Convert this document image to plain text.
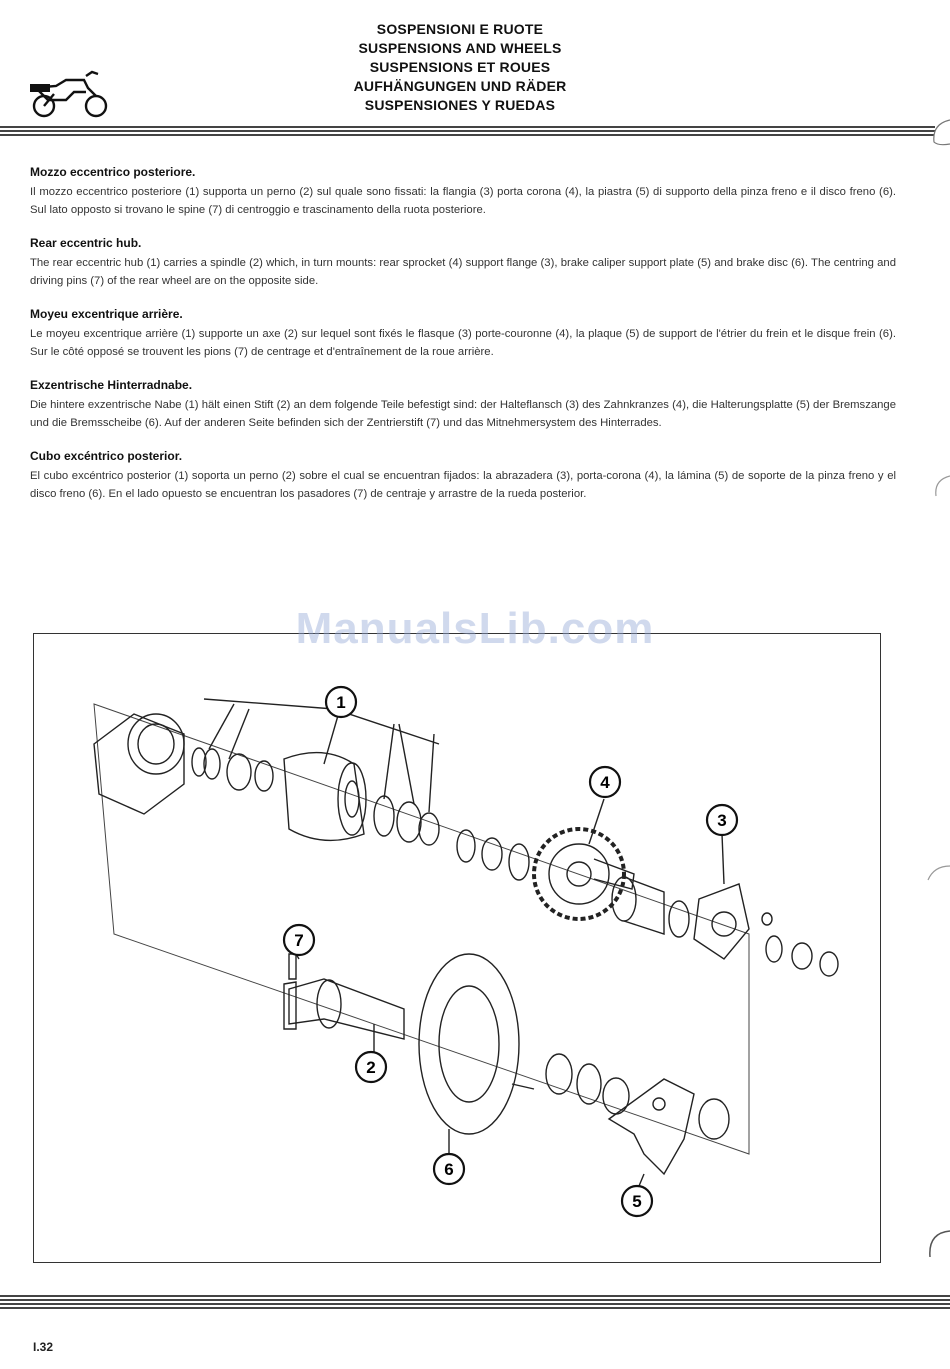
SOSPENSIONI E RUOTE
SUSPENSIONS AND WHEELS
SUSPENSIONS ET ROUES
AUFHÄNGUNGEN UND RÄDER
SUSPENSIONES Y RUEDAS
Mozzo eccentrico posteriore.

Il mozzo eccentrico posteriore (1) supporta un perno (2) sul quale sono fissati: la flangia (3) porta corona (4), la piastra (5) di supporto della pinza freno e il disco freno (6). Sul lato opposto si trovano le spine (7) di centroggio e trascinamento della ruota posteriore.

Rear eccentric hub.

The rear eccentric hub (1) carries a spindle (2) which, in turn mounts: rear sprocket (4) support flange (3), brake caliper support plate (5) and brake disc (6). The centring and driving pins (7) of the rear wheel are on the opposite side.

Moyeu excentrique arrière.

Le moyeu excentrique arrière (1) supporte un axe (2) sur lequel sont fixés le flasque (3) porte-couronne (4), la plaque (5) de support de l'étrier du frein et le disque frein (6). Sur le côté opposé se trouvent les pions (7) de centrage et d'entraînement de la roue arrière.

Exzentrische Hinterradnabe.

Die hintere exzentrische Nabe (1) hält einen Stift (2) an dem folgende Teile befestigt sind: der Halteflansch (3) des Zahnkranzes (4), die Halterungsplatte (5) der Bremszange und die Bremsscheibe (6). Auf der anderen Seite befinden sich der Zentrierstift (7) und das Mitnehmersystem des Hinterrades.

Cubo excéntrico posterior.

El cubo excéntrico posterior (1) soporta un perno (2) sobre el cual se encuentran fijados: la abrazadera (3), porta-corona (4), la lámina (5) de soporte de la pinza freno y el disco freno (6). En el lado opuesto se encuentran los pasadores (7) de centraje y arrastre de la rueda posterior.

1
2
3
4
5
6
7
ManualsLib.com
I.32
